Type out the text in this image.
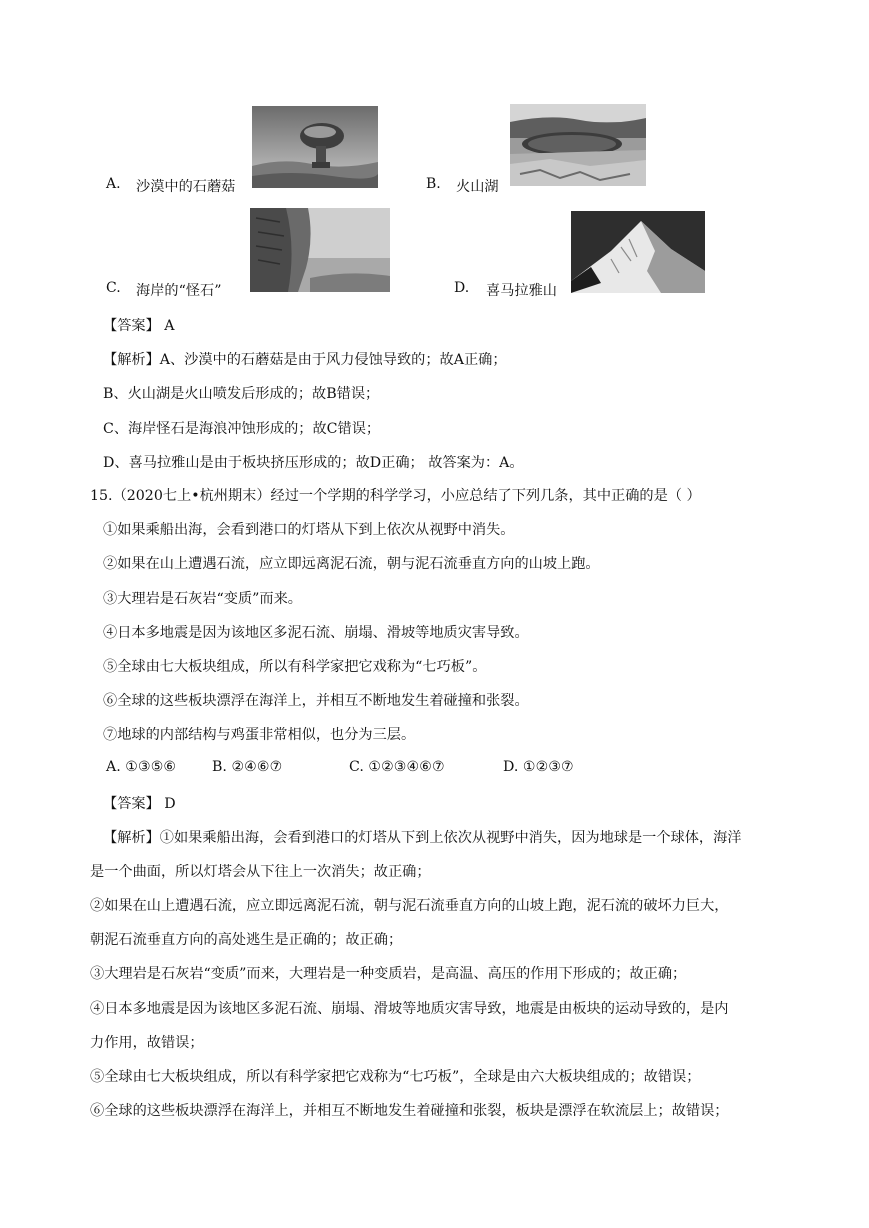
A. 沙漠中的石蘑菇	B. 火山湖
C. 海岸的“怪石”	D. 喜马拉雅山
【答案】 A
【解析】A、沙漠中的石蘑菇是由于风力侵蚀导致的；故A正确；
B、火山湖是火山喷发后形成的；故B错误；
C、海岸怪石是海浪冲蚀形成的；故C错误；
D、喜马拉雅山是由于板块挤压形成的；故D正确； 故答案为：A。
15.（2020七上•杭州期末）经过一个学期的科学学习，小应总结了下列几条，其中正确的是（ ）
①如果乘船出海，会看到港口的灯塔从下到上依次从视野中消失。
②如果在山上遭遇石流，应立即远离泥石流，朝与泥石流垂直方向的山坡上跑。
③大理岩是石灰岩“变质”而来。
④日本多地震是因为该地区多泥石流、崩塌、滑坡等地质灾害导致。
⑤全球由七大板块组成，所以有科学家把它戏称为“七巧板”。
⑥全球的这些板块漂浮在海洋上，并相互不断地发生着碰撞和张裂。
⑦地球的内部结构与鸡蛋非常相似，也分为三层。
A. ①③⑤⑥	B. ②④⑥⑦	C. ①②③④⑥⑦	D. ①②③⑦
【答案】 D
【解析】①如果乘船出海，会看到港口的灯塔从下到上依次从视野中消失，因为地球是一个球体，海洋
是一个曲面，所以灯塔会从下往上一次消失；故正确；
②如果在山上遭遇石流，应立即远离泥石流，朝与泥石流垂直方向的山坡上跑，泥石流的破坏力巨大，
朝泥石流垂直方向的高处逃生是正确的；故正确；
③大理岩是石灰岩“变质”而来，大理岩是一种变质岩，是高温、高压的作用下形成的；故正确；
④日本多地震是因为该地区多泥石流、崩塌、滑坡等地质灾害导致，地震是由板块的运动导致的，是内
力作用，故错误；
⑤全球由七大板块组成，所以有科学家把它戏称为“七巧板”，全球是由六大板块组成的；故错误；
⑥全球的这些板块漂浮在海洋上，并相互不断地发生着碰撞和张裂，板块是漂浮在软流层上；故错误；
